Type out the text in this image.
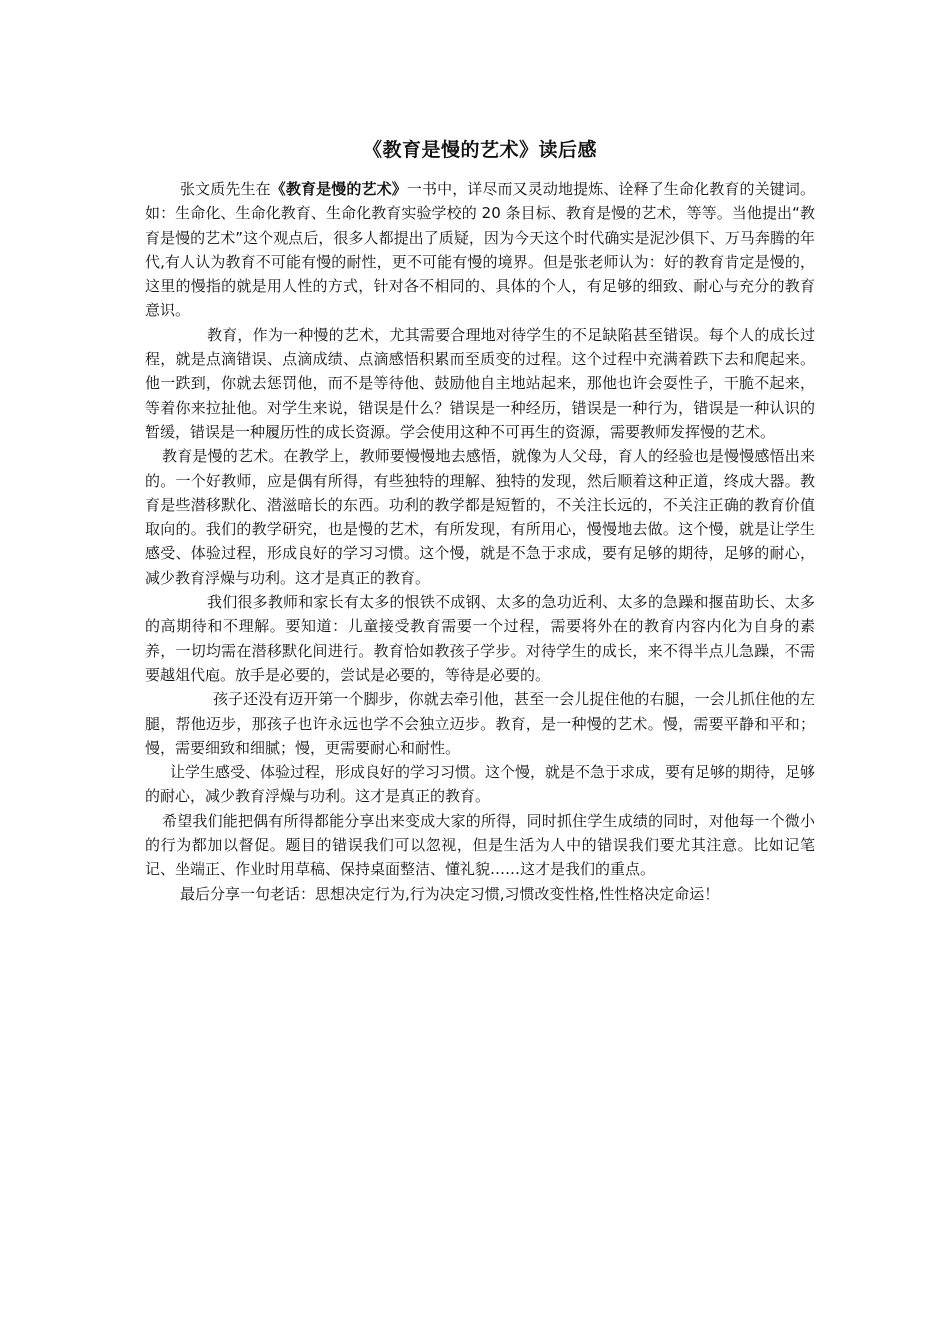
《教育是慢的艺术》读后感

张文质先生在《教育是慢的艺术》一书中，详尽而又灵动地提炼、诠释了生命化教育的关键词。如：生命化、生命化教育、生命化教育实验学校的 20 条目标、教育是慢的艺术，等等。当他提出“教育是慢的艺术”这个观点后，很多人都提出了质疑，因为今天这个时代确实是泥沙俱下、万马奔腾的年代,有人认为教育不可能有慢的耐性，更不可能有慢的境界。但是张老师认为：好的教育肯定是慢的，这里的慢指的就是用人性的方式，针对各不相同的、具体的个人，有足够的细致、耐心与充分的教育意识。

教育，作为一种慢的艺术，尤其需要合理地对待学生的不足缺陷甚至错误。每个人的成长过程，就是点滴错误、点滴成绩、点滴感悟积累而至质变的过程。这个过程中充满着跌下去和爬起来。他一跌到，你就去惩罚他，而不是等待他、鼓励他自主地站起来，那他也许会耍性子，干脆不起来，等着你来拉扯他。对学生来说，错误是什么？错误是一种经历，错误是一种行为，错误是一种认识的暂缓，错误是一种履历性的成长资源。学会使用这种不可再生的资源，需要教师发挥慢的艺术。

教育是慢的艺术。在教学上，教师要慢慢地去感悟，就像为人父母，育人的经验也是慢慢感悟出来的。一个好教师，应是偶有所得，有些独特的理解、独特的发现，然后顺着这种正道，终成大器。教育是些潜移默化、潜滋暗长的东西。功利的教学都是短暂的，不关注长远的，不关注正确的教育价值取向的。我们的教学研究，也是慢的艺术，有所发现，有所用心，慢慢地去做。这个慢，就是让学生感受、体验过程，形成良好的学习习惯。这个慢，就是不急于求成，要有足够的期待，足够的耐心，减少教育浮燥与功利。这才是真正的教育。

我们很多教师和家长有太多的恨铁不成钢、太多的急功近利、太多的急躁和揠苗助长、太多的高期待和不理解。要知道：儿童接受教育需要一个过程，需要将外在的教育内容内化为自身的素养，一切均需在潜移默化间进行。教育恰如教孩子学步。对待学生的成长，来不得半点儿急躁，不需要越俎代庖。放手是必要的，尝试是必要的，等待是必要的。

孩子还没有迈开第一个脚步，你就去牵引他，甚至一会儿捉住他的右腿，一会儿抓住他的左腿，帮他迈步，那孩子也许永远也学不会独立迈步。教育，是一种慢的艺术。慢，需要平静和平和；慢，需要细致和细腻；慢，更需要耐心和耐性。

让学生感受、体验过程，形成良好的学习习惯。这个慢，就是不急于求成，要有足够的期待，足够的耐心，减少教育浮燥与功利。这才是真正的教育。

希望我们能把偶有所得都能分享出来变成大家的所得，同时抓住学生成绩的同时，对他每一个微小的行为都加以督促。题目的错误我们可以忽视，但是生活为人中的错误我们要尤其注意。比如记笔记、坐端正、作业时用草稿、保持桌面整洁、懂礼貌……这才是我们的重点。

最后分享一句老话：思想决定行为,行为决定习惯,习惯改变性格,性性格决定命运！
